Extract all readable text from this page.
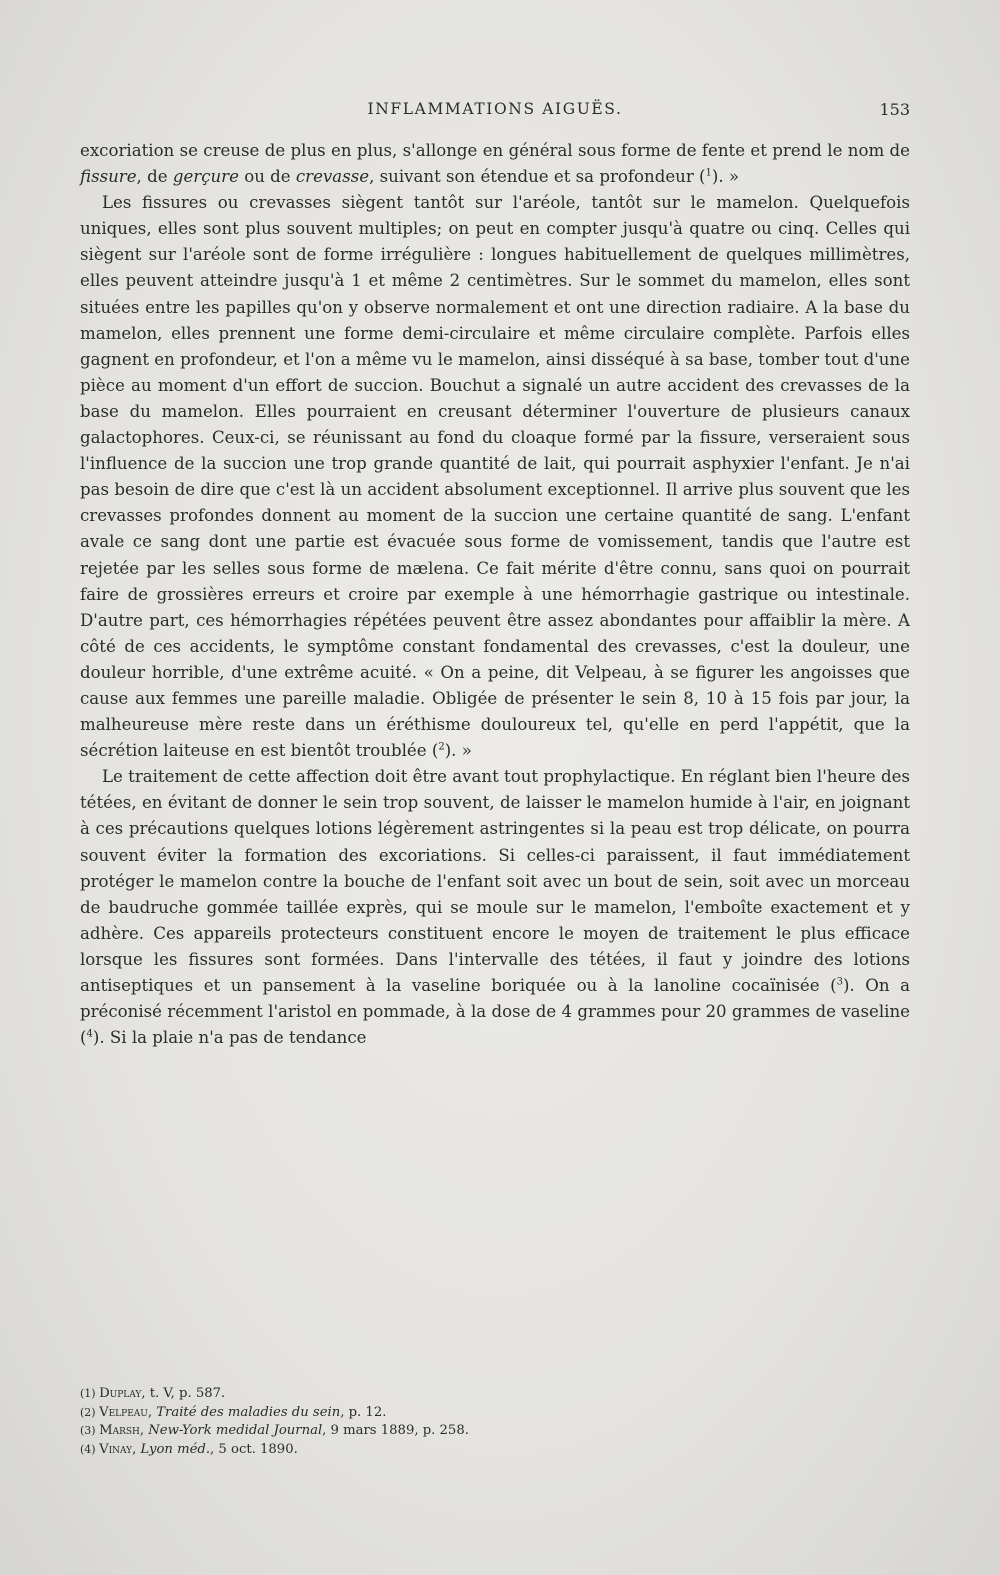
INFLAMMATIONS AIGUËS.	153

excoriation se creuse de plus en plus, s'allonge en général sous forme de fente et prend le nom de fissure, de gerçure ou de crevasse, suivant son étendue et sa profondeur ($^1$). »

Les fissures ou crevasses siègent tantôt sur l'aréole, tantôt sur le mamelon. Quelquefois uniques, elles sont plus souvent multiples; on peut en compter jusqu'à quatre ou cinq. Celles qui siègent sur l'aréole sont de forme irrégulière : longues habituellement de quelques millimètres, elles peuvent atteindre jusqu'à 1 et même 2 centimètres. Sur le sommet du mamelon, elles sont situées entre les papilles qu'on y observe normalement et ont une direction radiaire. A la base du mamelon, elles prennent une forme demi-circulaire et même circulaire complète. Parfois elles gagnent en profondeur, et l'on a même vu le mamelon, ainsi disséqué à sa base, tomber tout d'une pièce au moment d'un effort de succion. Bouchut a signalé un autre accident des crevasses de la base du mamelon. Elles pourraient en creusant déterminer l'ouverture de plusieurs canaux galactophores. Ceux-ci, se réunissant au fond du cloaque formé par la fissure, verseraient sous l'influence de la succion une trop grande quantité de lait, qui pourrait asphyxier l'enfant. Je n'ai pas besoin de dire que c'est là un accident absolument exceptionnel. Il arrive plus souvent que les crevasses profondes donnent au moment de la succion une certaine quantité de sang. L'enfant avale ce sang dont une partie est évacuée sous forme de vomissement, tandis que l'autre est rejetée par les selles sous forme de mælena. Ce fait mérite d'être connu, sans quoi on pourrait faire de grossières erreurs et croire par exemple à une hémorrhagie gastrique ou intestinale. D'autre part, ces hémorrhagies répétées peuvent être assez abondantes pour affaiblir la mère. A côté de ces accidents, le symptôme constant fondamental des crevasses, c'est la douleur, une douleur horrible, d'une extrême acuité. « On a peine, dit Velpeau, à se figurer les angoisses que cause aux femmes une pareille maladie. Obligée de présenter le sein 8, 10 à 15 fois par jour, la malheureuse mère reste dans un éréthisme douloureux tel, qu'elle en perd l'appétit, que la sécrétion laiteuse en est bientôt troublée ($^2$). »

Le traitement de cette affection doit être avant tout prophylactique. En réglant bien l'heure des tétées, en évitant de donner le sein trop souvent, de laisser le mamelon humide à l'air, en joignant à ces précautions quelques lotions légèrement astringentes si la peau est trop délicate, on pourra souvent éviter la formation des excoriations. Si celles-ci paraissent, il faut immédiatement protéger le mamelon contre la bouche de l'enfant soit avec un bout de sein, soit avec un morceau de baudruche gommée taillée exprès, qui se moule sur le mamelon, l'emboîte exactement et y adhère. Ces appareils protecteurs constituent encore le moyen de traitement le plus efficace lorsque les fissures sont formées. Dans l'intervalle des tétées, il faut y joindre des lotions antiseptiques et un pansement à la vaseline boriquée ou à la lanoline cocaïnisée ($^3$). On a préconisé récemment l'aristol en pommade, à la dose de 4 grammes pour 20 grammes de vaseline ($^4$). Si la plaie n'a pas de tendance

(1) Duplay, t. V, p. 587.
(2) Velpeau, Traité des maladies du sein, p. 12.
(3) Marsh, New-York medidal Journal, 9 mars 1889, p. 258.
(4) Vinay, Lyon méd., 5 oct. 1890.
